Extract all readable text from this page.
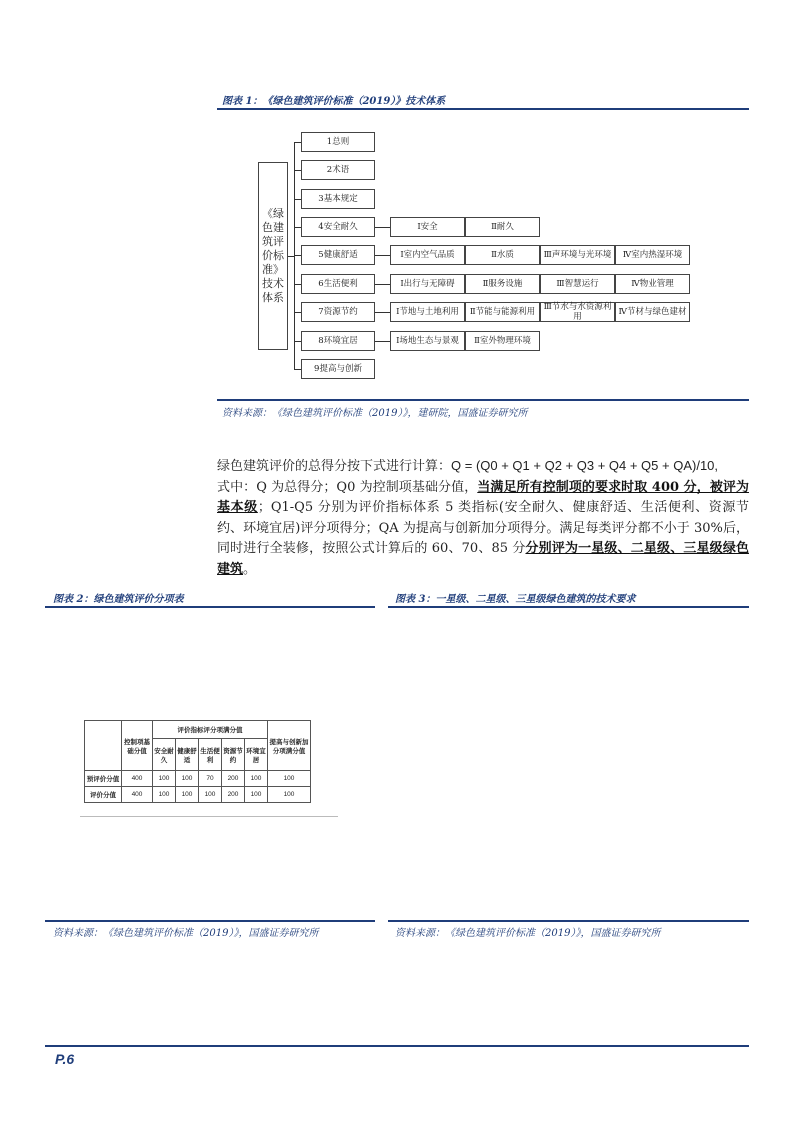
图表 1：《绿色建筑评价标准（2019）》技术体系
《绿色建筑评价标准》技术体系
1总则
2术语
3基本规定
4安全耐久
5健康舒适
6生活便利
7资源节约
8环境宜居
9提高与创新
Ⅰ安全	Ⅱ耐久
Ⅰ室内空气品质	Ⅱ水质	Ⅲ声环境与光环境	Ⅳ室内热湿环境
Ⅰ出行与无障碍	Ⅱ服务设施	Ⅲ智慧运行	Ⅳ物业管理
Ⅰ节地与土地利用	Ⅱ节能与能源利用	Ⅲ节水与水资源利用	Ⅳ节材与绿色建材
Ⅰ场地生态与景观	Ⅱ室外物理环境
资料来源：《绿色建筑评价标准（2019）》，建研院，国盛证券研究所
绿色建筑评价的总得分按下式进行计算：Q = (Q0 + Q1 + Q2 + Q3 + Q4 + Q5 + QA)/10,
式中：Q 为总得分；Q0 为控制项基础分值，当满足所有控制项的要求时取 400 分，被评为基本级；Q1-Q5 分别为评价指标体系 5 类指标(安全耐久、健康舒适、生活便利、资源节约、环境宜居)评分项得分；QA 为提高与创新加分项得分。满足每类评分都不小于 30%后，同时进行全装修，按照公式计算后的 60、70、85 分分别评为一星级、二星级、三星级绿色建筑。
图表 2：绿色建筑评价分项表
	控制项基础分值	评价指标评分项满分值					提高与创新加分项满分值
		安全耐久	健康舒适	生活便利	资源节约	环境宜居	
预评价分值	400	100	100	70	200	100	100
评价分值	400	100	100	100	200	100	100
资料来源：《绿色建筑评价标准（2019）》，国盛证券研究所
图表 3：一星级、二星级、三星级绿色建筑的技术要求
资料来源：《绿色建筑评价标准（2019）》，国盛证券研究所
P.6
